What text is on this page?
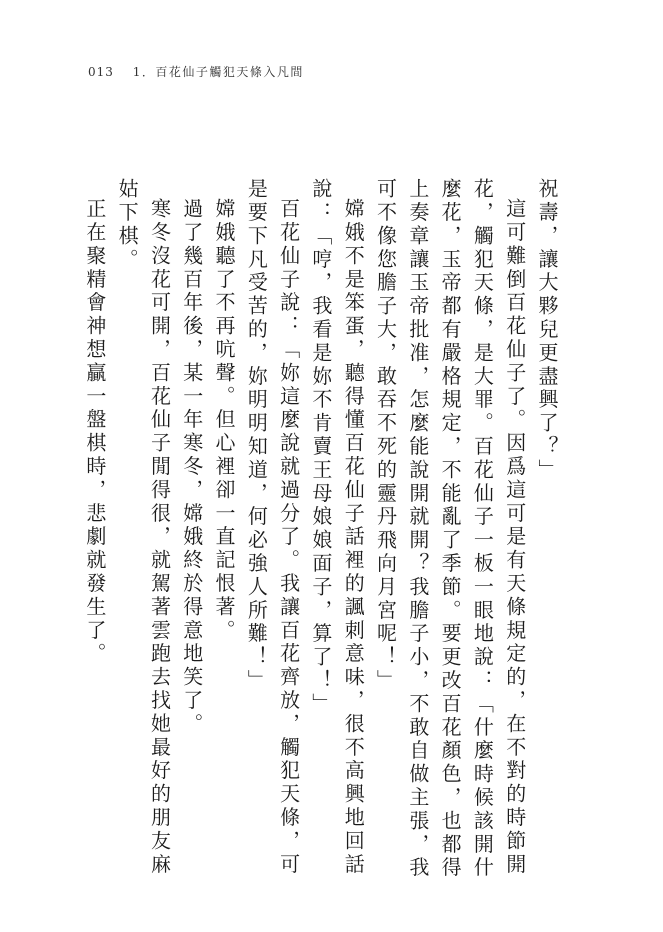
013 1．百花仙子觸犯天條入凡間

祝壽，讓大夥兒更盡興了？」

這可難倒百花仙子了。因爲這可是有天條規定的，在不對的時節開花，觸犯天條，是大罪。百花仙子一板一眼地說：「什麼時候該開什麼花，玉帝都有嚴格規定，不能亂了季節。要更改百花顏色，也都得上奏章讓玉帝批准，怎麼能說開就開？我膽子小，不敢自做主張，我可不像您膽子大，敢吞不死的靈丹飛向月宮呢！」

嫦娥不是笨蛋，聽得懂百花仙子話裡的諷刺意味，很不高興地回話說：「哼，我看是妳不肯賣王母娘娘面子，算了！」

百花仙子說：「妳這麼說就過分了。我讓百花齊放，觸犯天條，可是要下凡受苦的，妳明明知道，何必強人所難！」

嫦娥聽了不再吭聲。但心裡卻一直記恨著。

過了幾百年後，某一年寒冬，嫦娥終於得意地笑了。

寒冬沒花可開，百花仙子閒得很，就駕著雲跑去找她最好的朋友麻姑下棋。

正在聚精會神想贏一盤棋時，悲劇就發生了。
